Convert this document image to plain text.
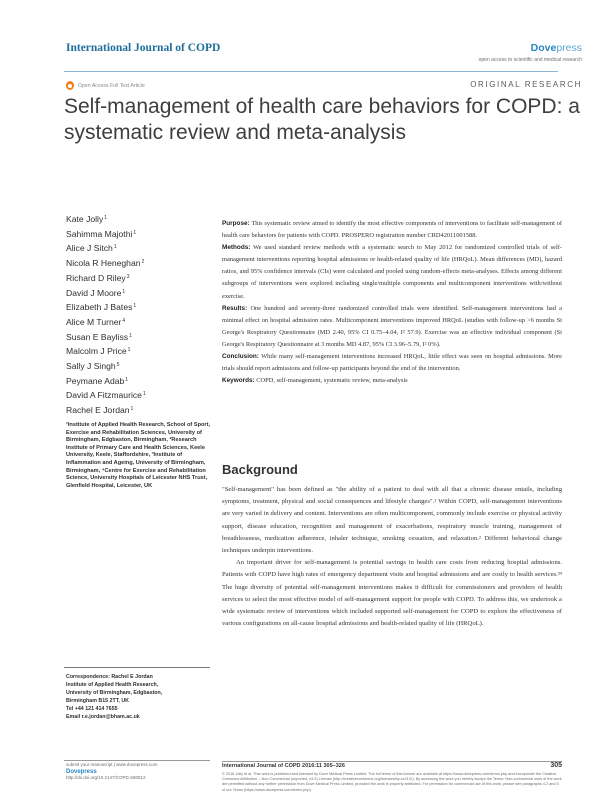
International Journal of COPD	Dovepress
open access to scientific and medical research
Open Access Full Text Article	ORIGINAL RESEARCH
Self-management of health care behaviors for COPD: a systematic review and meta-analysis
Kate Jolly$^1$
Sahimma Majothi$^1$
Alice J Sitch$^1$
Nicola R Heneghan$^2$
Richard D Riley$^3$
David J Moore$^1$
Elizabeth J Bates$^1$
Alice M Turner$^4$
Susan E Bayliss$^1$
Malcolm J Price$^1$
Sally J Singh$^5$
Peymane Adab$^1$
David A Fitzmaurice$^1$
Rachel E Jordan$^1$
¹Institute of Applied Health Research, School of Sport, Exercise and Rehabilitation Sciences, University of Birmingham, Edgbaston, Birmingham, ²Research Institute of Primary Care and Health Sciences, Keele University, Keele, Staffordshire, ³Institute of Inflammation and Ageing, University of Birmingham, Birmingham, ⁴Centre for Exercise and Rehabilitation Science, University Hospitals of Leicester NHS Trust, Glenfield Hospital, Leicester, UK
Correspondence: Rachel E Jordan
Institute of Applied Health Research,
University of Birmingham, Edgbaston,
Birmingham B15 2TT, UK
Tel +44 121 414 7655
Email r.e.jordan@bham.ac.uk

Purpose: This systematic review aimed to identify the most effective components of interventions to facilitate self-management of health care behaviors for patients with COPD. PROSPERO registration number CRD42011001588.

Methods: We used standard review methods with a systematic search to May 2012 for randomized controlled trials of self-management interventions reporting hospital admissions or health-related quality of life (HRQoL). Mean differences (MD), hazard ratios, and 95% confidence intervals (CIs) were calculated and pooled using random-effects meta-analyses. Effects among different subgroups of interventions were explored including single/multiple components and multicomponent interventions with/without exercise.

Results: One hundred and seventy-three randomized controlled trials were identified. Self-management interventions had a minimal effect on hospital admission rates. Multicomponent interventions improved HRQoL (studies with follow-up >6 months St George's Respiratory Questionnaire (MD 2.40, 95% CI 0.75–4.04, I² 57.9). Exercise was an effective individual component (St George's Respiratory Questionnaire at 3 months MD 4.87, 95% CI 3.96–5.79, I² 0%).

Conclusion: While many self-management interventions increased HRQoL, little effect was seen on hospital admissions. More trials should report admissions and follow-up participants beyond the end of the intervention.

Keywords: COPD, self-management, systematic review, meta-analysis

Background

"Self-management" has been defined as "the ability of a patient to deal with all that a chronic disease entails, including symptoms, treatment, physical and social consequences and lifestyle changes".¹ Within COPD, self-management interventions are very varied in delivery and content. Interventions are often multicomponent, commonly include exercise or physical activity support, disease education, recognition and management of exacerbations, respiratory muscle training, management of breathlessness, medication adherence, inhaler technique, smoking cessation, and relaxation.² Different behavioral change techniques underpin interventions.

An important driver for self-management is potential savings in health care costs from reducing hospital admissions. Patients with COPD have high rates of emergency department visits and hospital admissions and are costly to health services.³⁴ The huge diversity of potential self-management interventions makes it difficult for commissioners and providers of health services to select the most effective model of self-management support for people with COPD. To address this, we undertook a wide systematic review of interventions which included supported self-management for COPD to explore the effectiveness of various configurations on all-cause hospital admissions and health-related quality of life (HRQoL).

submit your manuscript | www.dovepress.com
Dovepress
http://dx.doi.org/10.2147/COPD.S90812
International Journal of COPD 2016:11 305–326	305
© 2016 Jolly et al. This work is published and licensed by Dove Medical Press Limited. The full terms of this license are available at https://www.dovepress.com/terms.php and incorporate the Creative Commons Attribution – Non Commercial (unported, v3.0) License (http://creativecommons.org/licenses/by-nc/3.0/). By accessing the work you hereby accept the Terms. Non-commercial uses of the work are permitted without any further permission from Dove Medical Press Limited, provided the work is properly attributed. For permission for commercial use of this work, please see paragraphs 4.2 and 5 of our Terms (https://www.dovepress.com/terms.php).
